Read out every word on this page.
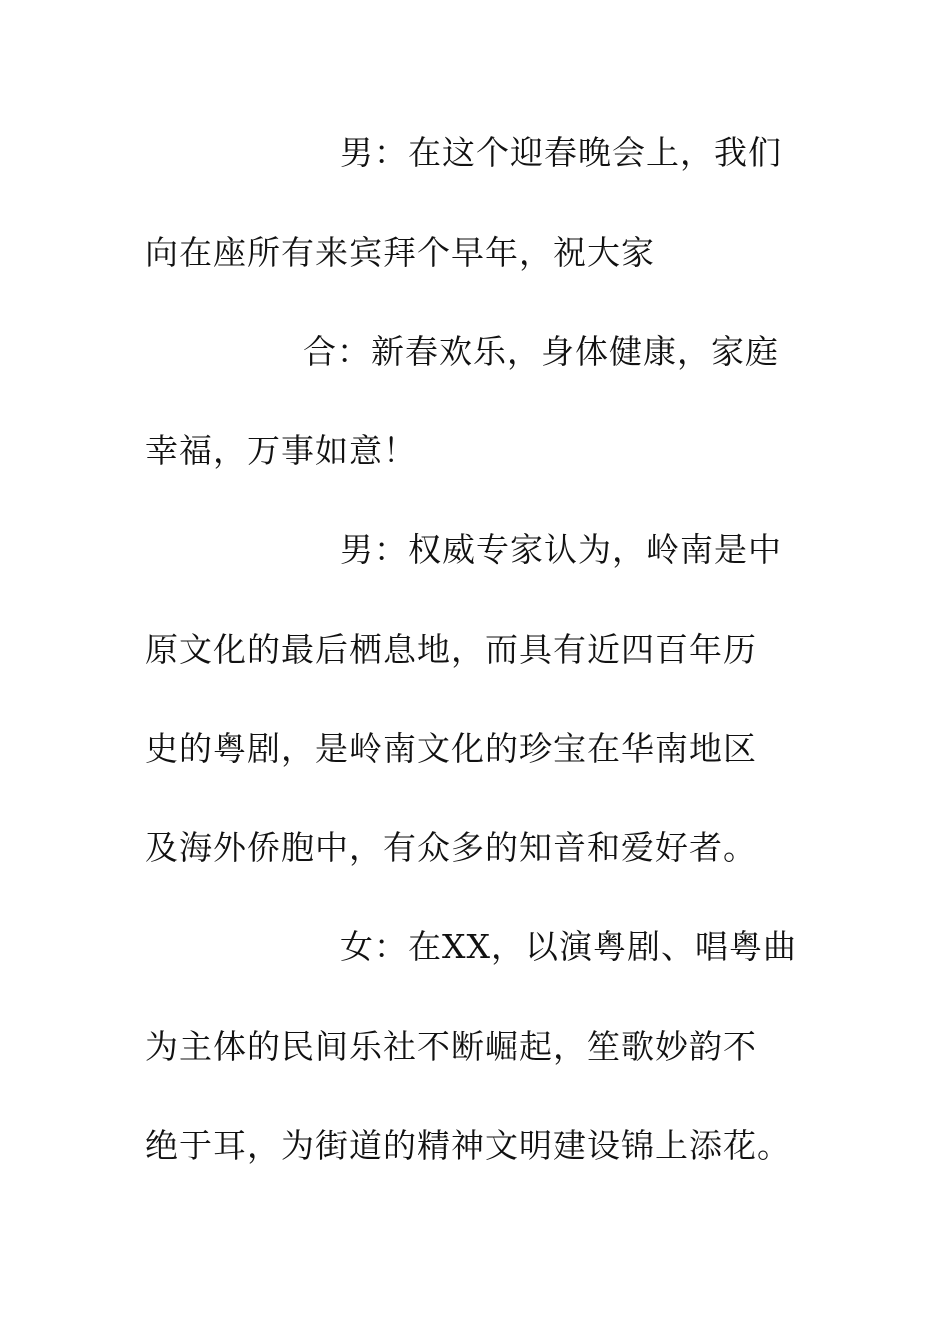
男：在这个迎春晚会上，我们
向在座所有来宾拜个早年，祝大家
合：新春欢乐，身体健康，家庭
幸福，万事如意！
男：权威专家认为，岭南是中
原文化的最后栖息地，而具有近四百年历
史的粤剧，是岭南文化的珍宝在华南地区
及海外侨胞中，有众多的知音和爱好者。
女：在XX，以演粤剧、唱粤曲
为主体的民间乐社不断崛起，笙歌妙韵不
绝于耳，为街道的精神文明建设锦上添花。
